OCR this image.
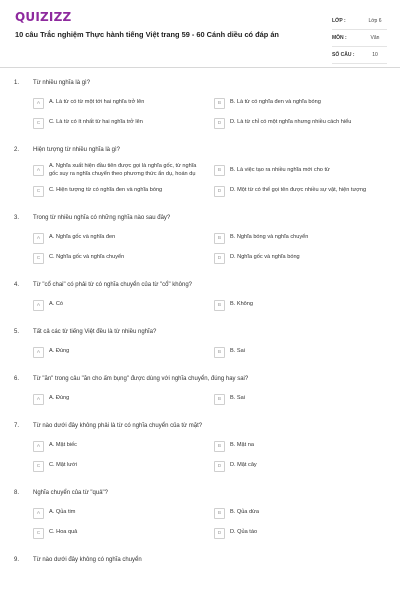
QUIZIZZ
10 câu Trắc nghiệm Thực hành tiếng Việt trang 59 - 60 Cánh diều có đáp án
LỚP :	Lớp 6
MÔN :	Văn
SỐ CÂU :	10
1.	Từ nhiều nghĩa là gì?
A	A. Là từ có từ một tới hai nghĩa trở lên	B	B. Là từ có nghĩa đen và nghĩa bóng
C	C. Là từ có ít nhất từ hai nghĩa trở lên	D	D. Là từ chỉ có một nghĩa nhưng nhiều cách hiểu
2.	Hiện tượng từ nhiều nghĩa là gì?
A
A. Nghĩa xuất hiện đầu tiên được gọi là nghĩa gốc, từ nghĩa gốc suy ra nghĩa chuyển theo phương thức ẩn dụ, hoán dụ	B	B. Là việc tạo ra nhiều nghĩa mới cho từ
C	C. Hiện tượng từ có nghĩa đen và nghĩa bóng	D	D. Một từ có thể gọi tên được nhiều sự vật, hiện tượng
3.	Trong từ nhiều nghĩa có những nghĩa nào sau đây?
A	A. Nghĩa gốc và nghĩa đen	B	B. Nghĩa bóng và nghĩa chuyển
C	C. Nghĩa gốc và nghĩa chuyển	D	D. Nghĩa gốc và nghĩa bóng
4.	Từ "cổ chai" có phải từ có nghĩa chuyển của từ "cổ" không?
A	A. Có	B	B. Không
5.	Tất cả các từ tiếng Việt đều là từ nhiều nghĩa?
A	A. Đúng	B	B. Sai
6.	Từ "ăn" trong câu "ăn cho ấm bụng" được dùng với nghĩa chuyển, đúng hay sai?
A	A. Đúng	B	B. Sai
7.	Từ nào dưới đây không phải là từ có nghĩa chuyển của từ mặt?
A	A. Mặt biếc	B	B. Mặt na
C	C. Mặt lưới	D	D. Mặt cây
8.	Nghĩa chuyển của từ "quả"?
A	A. Qủa tim	B	B. Qủa dừa
C	C. Hoa quả	D	D. Qủa táo
9.	Từ nào dưới đây không có nghĩa chuyển
